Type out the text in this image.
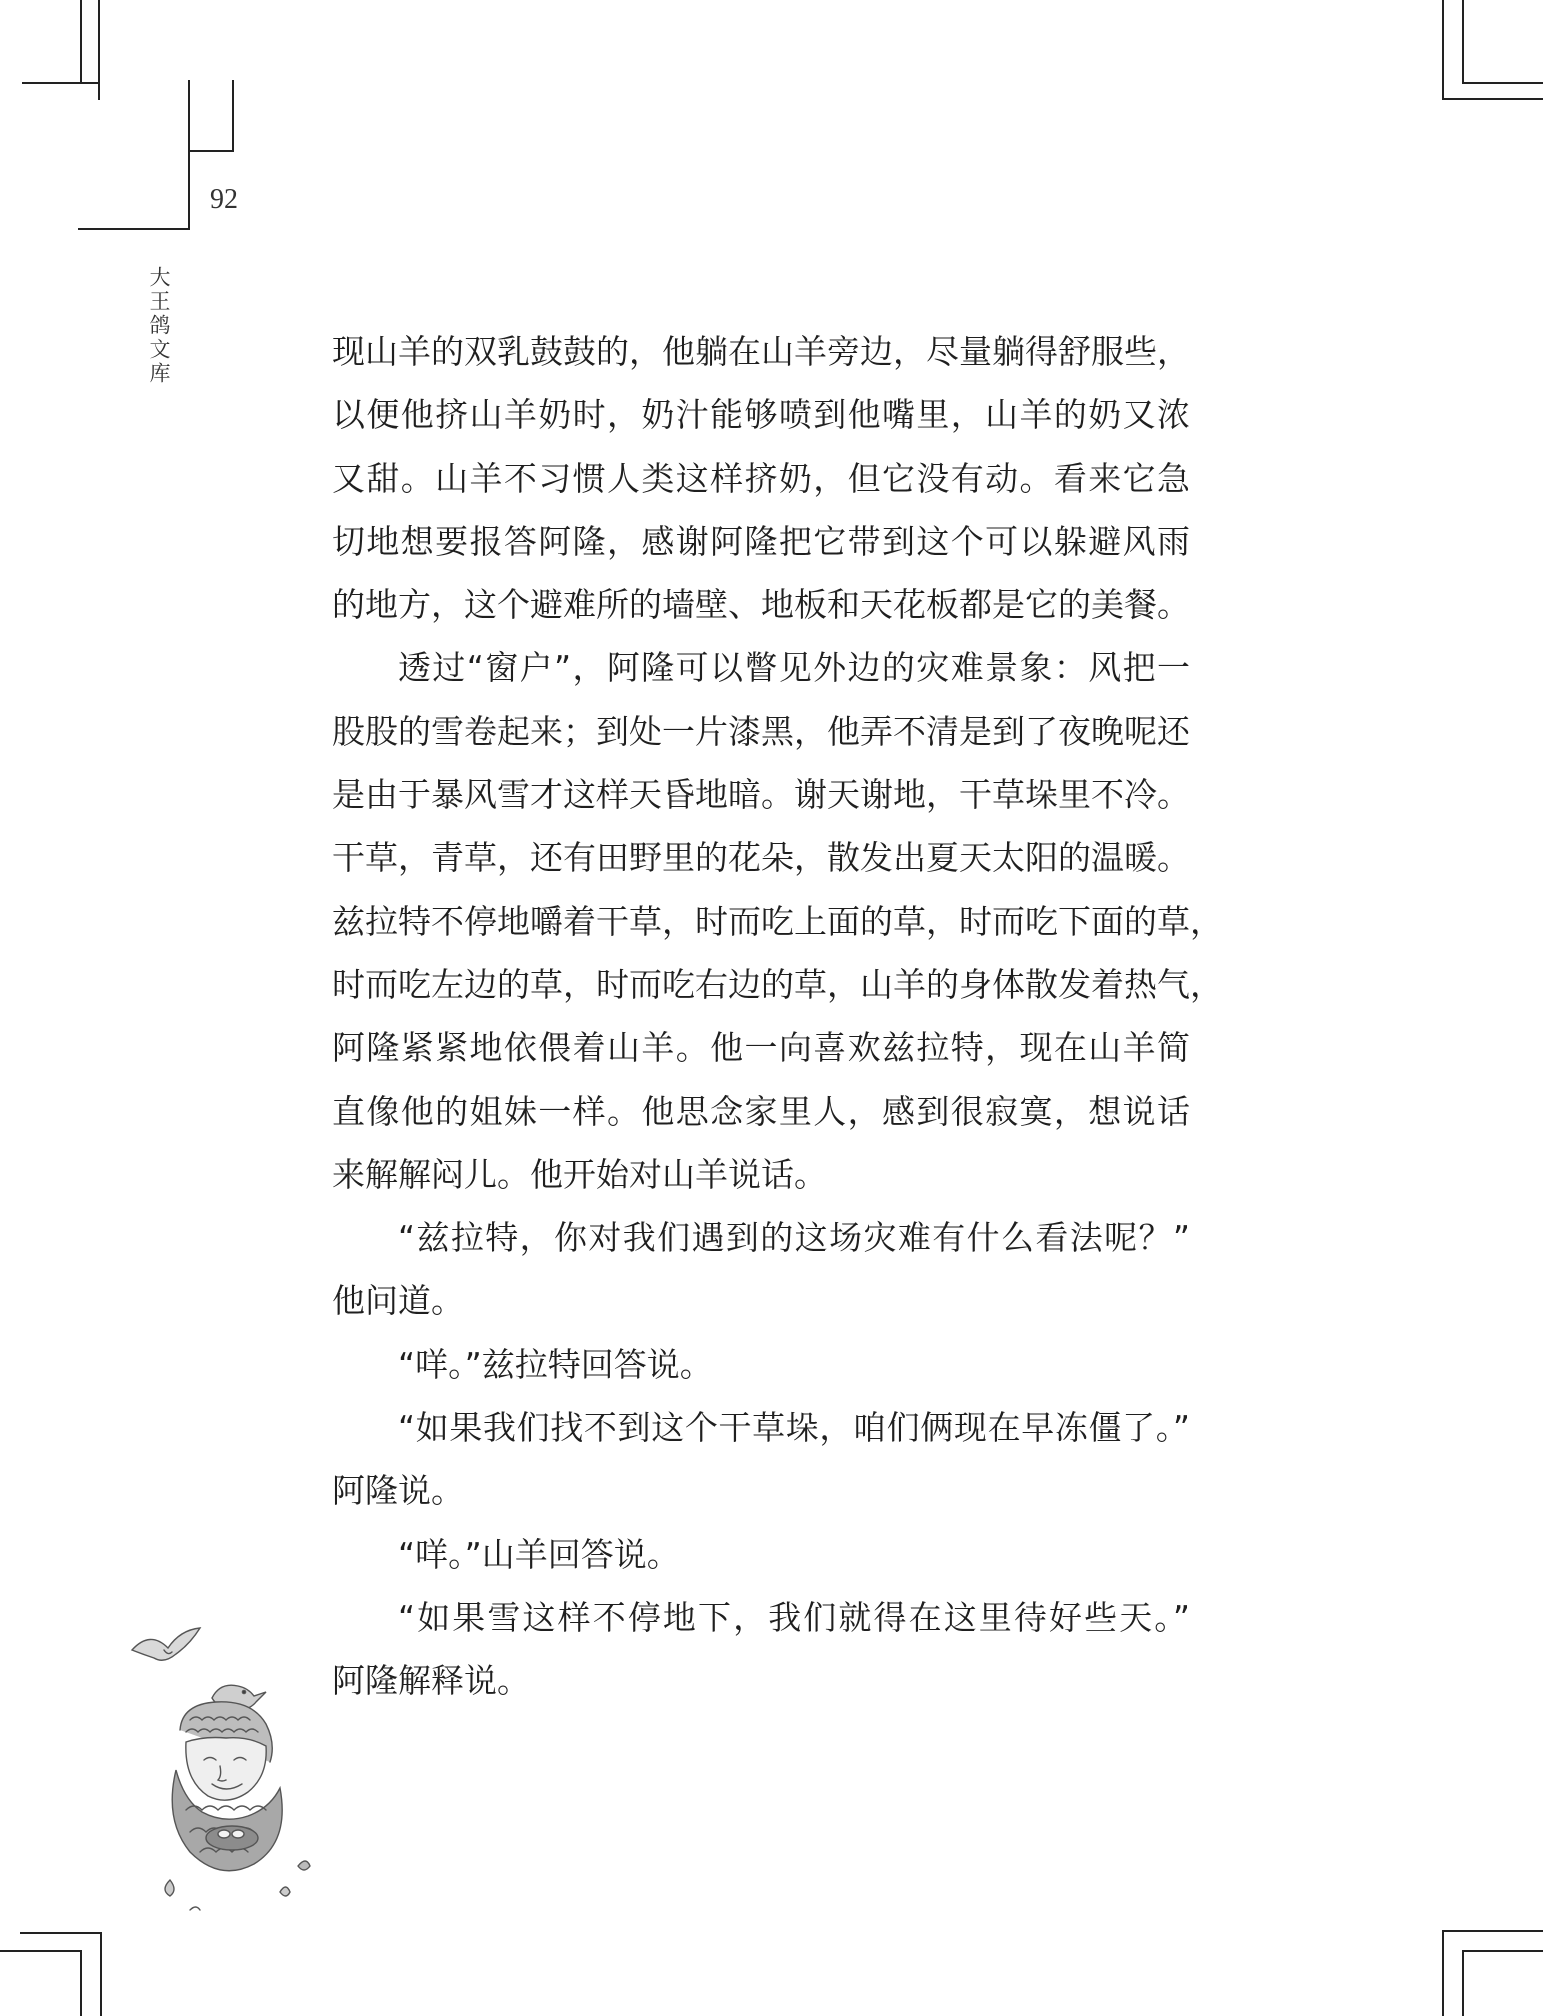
92
大王鸽文库	现山羊的双乳鼓鼓的，他躺在山羊旁边，尽量躺得舒服些，
以便他挤山羊奶时，奶汁能够喷到他嘴里，山羊的奶又浓
又甜。山羊不习惯人类这样挤奶，但它没有动。看来它急
切地想要报答阿隆，感谢阿隆把它带到这个可以躲避风雨
的地方，这个避难所的墙壁、地板和天花板都是它的美餐。
透过“窗户”，阿隆可以瞥见外边的灾难景象：风把一
股股的雪卷起来；到处一片漆黑，他弄不清是到了夜晚呢还
是由于暴风雪才这样天昏地暗。谢天谢地，干草垛里不冷。
干草，青草，还有田野里的花朵，散发出夏天太阳的温暖。
兹拉特不停地嚼着干草，时而吃上面的草，时而吃下面的草，
时而吃左边的草，时而吃右边的草，山羊的身体散发着热气，
阿隆紧紧地依偎着山羊。他一向喜欢兹拉特，现在山羊简
直像他的姐妹一样。他思念家里人，感到很寂寞，想说话
来解解闷儿。他开始对山羊说话。
“兹拉特，你对我们遇到的这场灾难有什么看法呢？”
他问道。
“咩。”兹拉特回答说。
“如果我们找不到这个干草垛，咱们俩现在早冻僵了。”
阿隆说。
“咩。”山羊回答说。
“如果雪这样不停地下，我们就得在这里待好些天。”
阿隆解释说。
